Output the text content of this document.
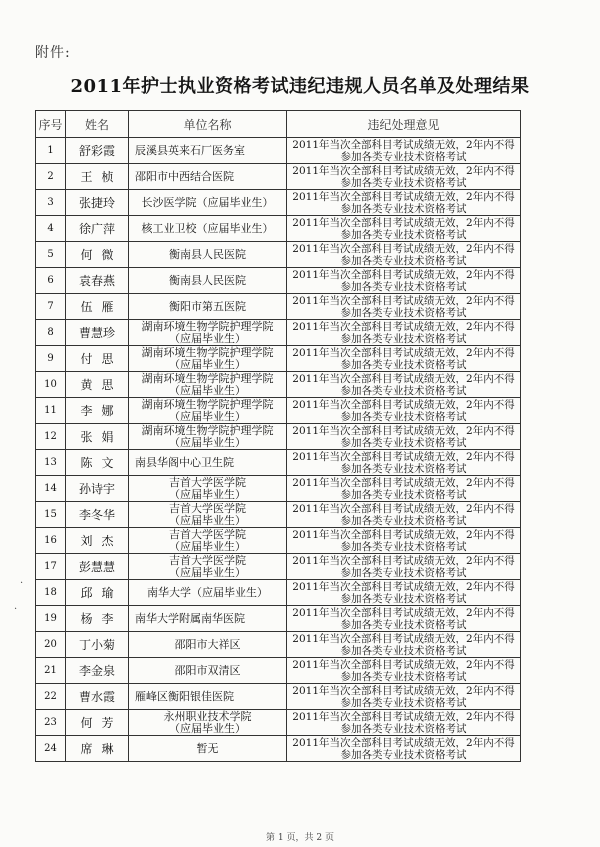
附件:
2011年护士执业资格考试违纪违规人员名单及处理结果
序号	姓名	单位名称	违纪处理意见
1	舒彩霞	辰溪县英来石厂医务室	2011年当次全部科目考试成绩无效，2年内不得
参加各类专业技术资格考试

2	王桢	邵阳市中西结合医院	2011年当次全部科目考试成绩无效，2年内不得
参加各类专业技术资格考试

3	张捷玲	长沙医学院（应届毕业生）	2011年当次全部科目考试成绩无效，2年内不得
参加各类专业技术资格考试

4	徐广萍	核工业卫校（应届毕业生）	2011年当次全部科目考试成绩无效，2年内不得
参加各类专业技术资格考试

5	何微	衡南县人民医院	2011年当次全部科目考试成绩无效，2年内不得
参加各类专业技术资格考试

6	袁春燕	衡南县人民医院	2011年当次全部科目考试成绩无效，2年内不得
参加各类专业技术资格考试

7	伍雁	衡阳市第五医院	2011年当次全部科目考试成绩无效，2年内不得
参加各类专业技术资格考试

8	曹慧珍	湖南环境生物学院护理学院
（应届毕业生）	2011年当次全部科目考试成绩无效，2年内不得
参加各类专业技术资格考试

9	付思	湖南环境生物学院护理学院
（应届毕业生）	2011年当次全部科目考试成绩无效，2年内不得
参加各类专业技术资格考试

10	黄思	湖南环境生物学院护理学院
（应届毕业生）	2011年当次全部科目考试成绩无效，2年内不得
参加各类专业技术资格考试

11	李娜	湖南环境生物学院护理学院
（应届毕业生）	2011年当次全部科目考试成绩无效，2年内不得
参加各类专业技术资格考试

12	张娟	湖南环境生物学院护理学院
（应届毕业生）	2011年当次全部科目考试成绩无效，2年内不得
参加各类专业技术资格考试

13	陈文	南县华阁中心卫生院	2011年当次全部科目考试成绩无效，2年内不得
参加各类专业技术资格考试

14	孙诗宇	吉首大学医学院
（应届毕业生）	2011年当次全部科目考试成绩无效，2年内不得
参加各类专业技术资格考试

15	李冬华	吉首大学医学院
（应届毕业生）	2011年当次全部科目考试成绩无效，2年内不得
参加各类专业技术资格考试

16	刘杰	吉首大学医学院
（应届毕业生）	2011年当次全部科目考试成绩无效，2年内不得
参加各类专业技术资格考试

17	彭慧慧	吉首大学医学院
（应届毕业生）	2011年当次全部科目考试成绩无效，2年内不得
参加各类专业技术资格考试

18	邱瑜	南华大学（应届毕业生）	2011年当次全部科目考试成绩无效，2年内不得
参加各类专业技术资格考试

19	杨李	南华大学附属南华医院	2011年当次全部科目考试成绩无效，2年内不得
参加各类专业技术资格考试

20	丁小菊	邵阳市大祥区	2011年当次全部科目考试成绩无效，2年内不得
参加各类专业技术资格考试

21	李金泉	邵阳市双清区	2011年当次全部科目考试成绩无效，2年内不得
参加各类专业技术资格考试

22	曹水霞	雁峰区衡阳银佳医院	2011年当次全部科目考试成绩无效，2年内不得
参加各类专业技术资格考试

23	何芳	永州职业技术学院
（应届毕业生）	2011年当次全部科目考试成绩无效，2年内不得
参加各类专业技术资格考试

24	席琳	暂无	2011年当次全部科目考试成绩无效，2年内不得
参加各类专业技术资格考试
·
·
第 1 页，共 2 页
